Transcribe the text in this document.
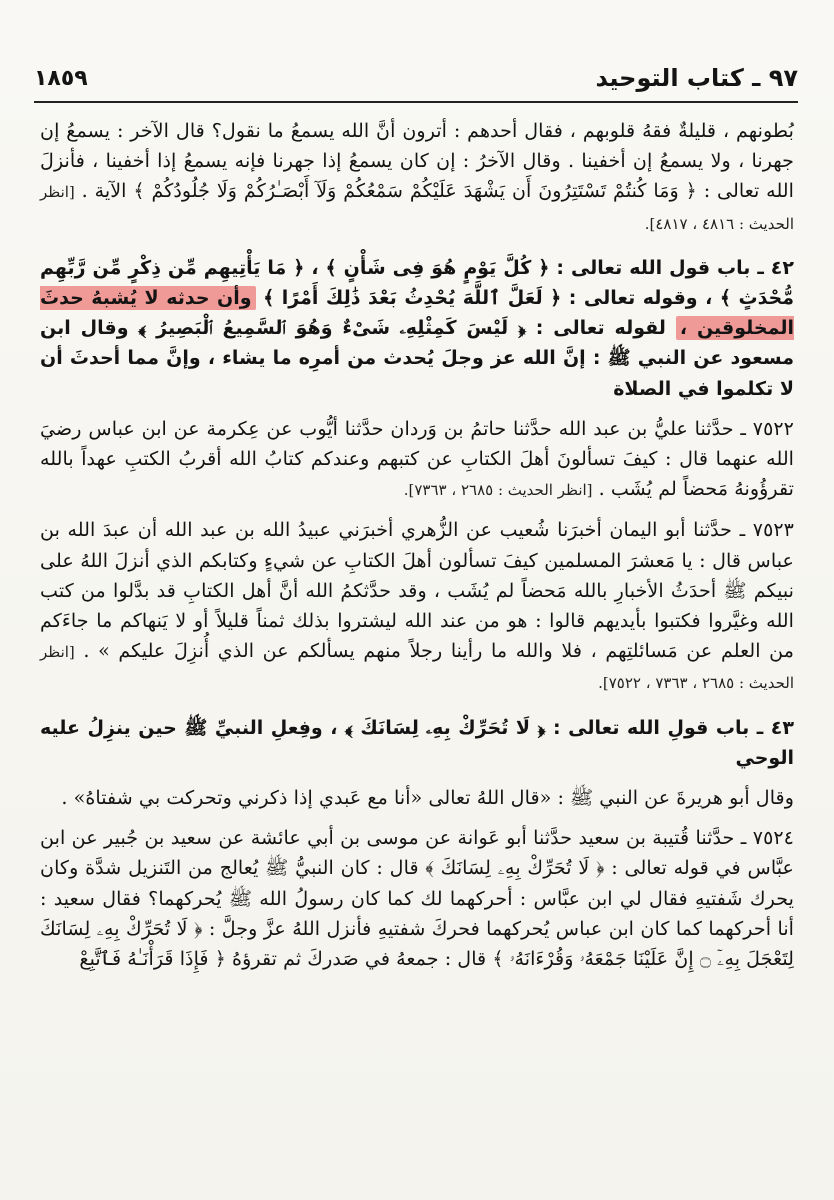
٩٧ ـ كتاب التوحيد
١٨٥٩

بُطونهم ، قليلةٌ فقهُ قلوبهم ، فقال أحدهم : أترون أنَّ الله يسمعُ ما نقول؟ قال الآخر : يسمعُ إن جهرنا ، ولا يسمعُ إن أخفينا . وقال الآخرُ : إن كان يسمعُ إذا جهرنا فإنه يسمعُ إذا أخفينا ، فأنزلَ الله تعالى : ﴿ وَمَا كُنتُمْ تَسْتَتِرُونَ أَن يَشْهَدَ عَلَيْكُمْ سَمْعُكُمْ وَلَآ أَبْصَـٰرُكُمْ وَلَا جُلُودُكُمْ ﴾ الآية . [انظر الحديث : ٤٨١٦ ، ٤٨١٧].

٤٢ ـ باب قول الله تعالى : ﴿ كُلَّ يَوْمٍ هُوَ فِى شَأْنٍ ﴾ ، ﴿ مَا يَأْتِيهِم مِّن ذِكْرٍ مِّن رَّبِّهِم مُّحْدَثٍ ﴾ ، وقوله تعالى : ﴿ لَعَلَّ ٱللَّهَ يُحْدِثُ بَعْدَ ذَٰلِكَ أَمْرًا ﴾ وأن حدثه لا يُشبهُ حدثَ المخلوقين ، لقوله تعالى : ﴿ لَيْسَ كَمِثْلِهِۦ شَىْءٌ وَهُوَ ٱلسَّمِيعُ ٱلْبَصِيرُ ﴾ وقال ابن مسعود عن النبي ﷺ : إنَّ الله عز وجلَ يُحدث من أمرِه ما يشاء ، وإنَّ مما أحدثَ أن لا تكلموا في الصلاة

٧٥٢٢ ـ حدَّثنا عليُّ بن عبد الله حدَّثنا حاتمُ بن وَردان حدَّثنا أيُّوب عن عِكرمة عن ابن عباس رضيَ الله عنهما قال : كيفَ تسألونَ أهلَ الكتابِ عن كتبهم وعندكم كتابُ الله أقربُ الكتبِ عهداً بالله تقرؤُونهُ مَحضاً لم يُشَب . [انظر الحديث : ٢٦٨٥ ، ٧٣٦٣].

٧٥٢٣ ـ حدَّثنا أبو اليمان أخبرَنا شُعيب عن الزُّهري أخبرَني عبيدُ الله بن عبد الله أن عبدَ الله بن عباس قال : يا مَعشرَ المسلمين كيفَ تسألون أهلَ الكتابِ عن شيءٍ وكتابكم الذي أنزلَ اللهُ على نبيكم ﷺ أحدَثُ الأخبارِ بالله مَحضاً لم يُشَب ، وقد حدَّثكمُ الله أنَّ أهل الكتابِ قد بدَّلوا من كتب الله وغيَّروا فكتبوا بأيديهم قالوا : هو من عند الله ليشتروا بذلك ثمناً قليلاً أو لا يَنهاكم ما جاءَكم من العلم عن مَسائلتِهم ، فلا والله ما رأينا رجلاً منهم يسألكم عن الذي أُنزِلَ عليكم » . [انظر الحديث : ٢٦٨٥ ، ٧٣٦٣ ، ٧٥٢٢].

٤٣ ـ باب قولِ الله تعالى : ﴿ لَا تُحَرِّكْ بِهِۦ لِسَانَكَ ﴾ ، وفِعلِ النبيِّ ﷺ حين ينزِلُ عليه الوحي

وقال أبو هريرةَ عن النبي ﷺ : «قال اللهُ تعالى «أنا مع عَبدي إذا ذكرني وتحركت بي شفتاهُ» .

٧٥٢٤ ـ حدَّثنا قُتيبة بن سعيد حدَّثنا أبو عَوانة عن موسى بن أبي عائشة عن سعيد بن جُبير عن ابن عبَّاس في قوله تعالى : ﴿ لَا تُحَرِّكْ بِهِۦ لِسَانَكَ ﴾ قال : كان النبيُّ ﷺ يُعالج من التَنزيل شدَّة وكان يحرك شَفتيهِ فقال لي ابن عبَّاس : أحركهما لك كما كان رسولُ الله ﷺ يُحركهما؟ فقال سعيد : أنا أحركهما كما كان ابن عباس يُحركهما فحركَ شفتيهِ فأنزل اللهُ عزَّ وجلَّ : ﴿ لَا تُحَرِّكْ بِهِۦ لِسَانَكَ لِتَعْجَلَ بِهِۦٓ ۝ إِنَّ عَلَيْنَا جَمْعَهُۥ وَقُرْءَانَهُۥ ﴾ قال : جمعهُ في صَدركَ ثم تقرؤهُ ﴿ فَإِذَا قَرَأْنَـٰهُ فَٱتَّبِعْ
